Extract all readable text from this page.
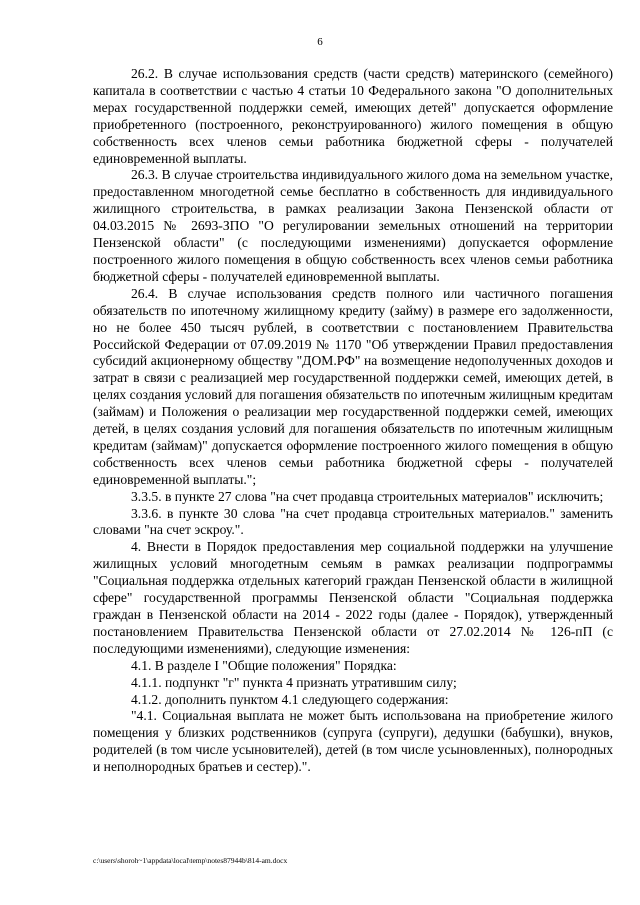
6

26.2. В случае использования средств (части средств) материнского (семейного) капитала в соответствии с частью 4 статьи 10 Федерального закона "О дополнительных мерах государственной поддержки семей, имеющих детей" допускается оформление приобретенного (построенного, реконструированного) жилого помещения в общую собственность всех членов семьи работника бюджетной сферы - получателей единовременной выплаты.

26.3. В случае строительства индивидуального жилого дома на земельном участке, предоставленном многодетной семье бесплатно в собственность для индивидуального жилищного строительства, в рамках реализации Закона Пензенской области от 04.03.2015 № 2693-ЗПО "О регулировании земельных отношений на территории Пензенской области" (с последующими изменениями) допускается оформление построенного жилого помещения в общую собственность всех членов семьи работника бюджетной сферы - получателей единовременной выплаты.

26.4. В случае использования средств полного или частичного погашения обязательств по ипотечному жилищному кредиту (займу) в размере его задолженности, но не более 450 тысяч рублей, в соответствии с постановлением Правительства Российской Федерации от 07.09.2019 № 1170 "Об утверждении Правил предоставления субсидий акционерному обществу "ДОМ.РФ" на возмещение недополученных доходов и затрат в связи с реализацией мер государственной поддержки семей, имеющих детей, в целях создания условий для погашения обязательств по ипотечным жилищным кредитам (займам) и Положения о реализации мер государственной поддержки семей, имеющих детей, в целях создания условий для погашения обязательств по ипотечным жилищным кредитам (займам)" допускается оформление построенного жилого помещения в общую собственность всех членов семьи работника бюджетной сферы - получателей единовременной выплаты.";

3.3.5. в пункте 27 слова "на счет продавца строительных материалов" исключить;

3.3.6. в пункте 30 слова "на счет продавца строительных материалов." заменить словами "на счет эскроу.".

4. Внести в Порядок предоставления мер социальной поддержки на улучшение жилищных условий многодетным семьям в рамках реализации подпрограммы "Социальная поддержка отдельных категорий граждан Пензенской области в жилищной сфере" государственной программы Пензенской области "Социальная поддержка граждан в Пензенской области на 2014 - 2022 годы (далее - Порядок), утвержденный постановлением Правительства Пензенской области от 27.02.2014 № 126-пП (с последующими изменениями), следующие изменения:

4.1. В разделе I "Общие положения" Порядка:

4.1.1. подпункт "г" пункта 4 признать утратившим силу;

4.1.2. дополнить пунктом 4.1 следующего содержания:

"4.1. Социальная выплата не может быть использована на приобретение жилого помещения у близких родственников (супруга (супруги), дедушки (бабушки), внуков, родителей (в том числе усыновителей), детей (в том числе усыновленных), полнородных и неполнородных братьев и сестер).".

c:\users\shoroh~1\appdata\local\temp\notes87944b\814-am.docx
